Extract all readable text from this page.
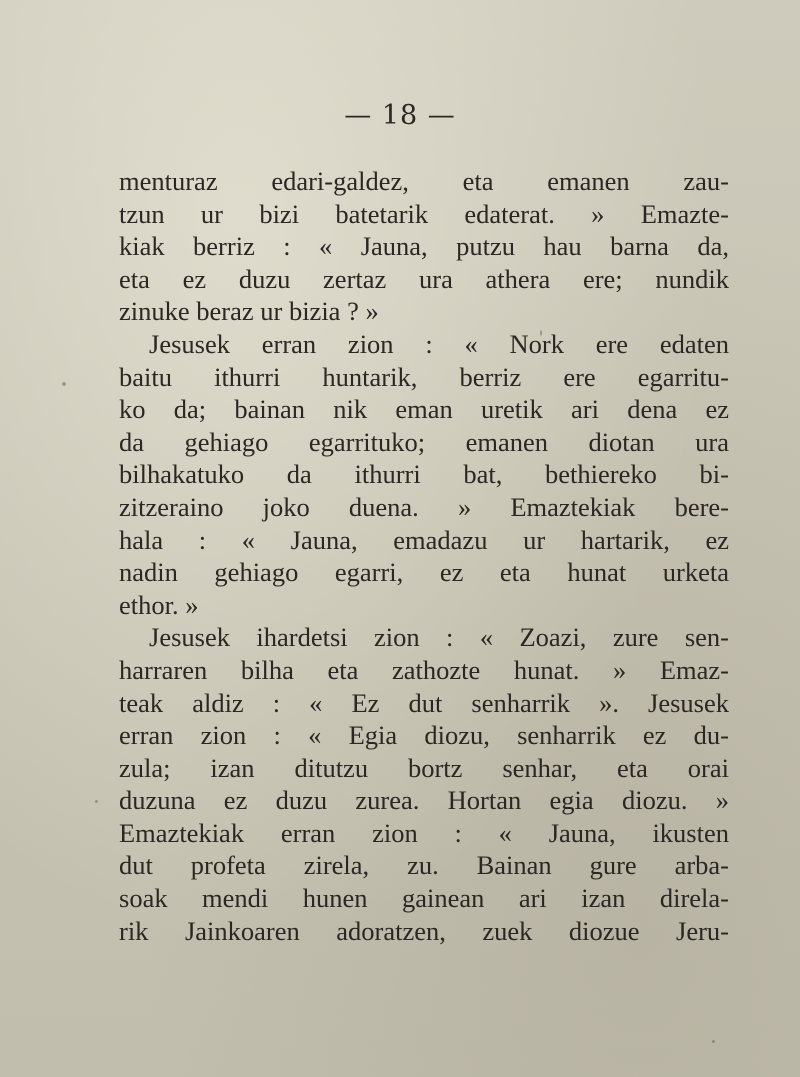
— 18 —
menturaz edari-galdez, eta emanen zau-
tzun ur bizi batetarik edaterat. » Emazte-
kiak berriz : « Jauna, putzu hau barna da,
eta ez duzu zertaz ura athera ere; nundik
zinuke beraz ur bizia ? »
Jesusek erran zion : « Nork ere edaten
baitu ithurri huntarik, berriz ere egarritu-
ko da; bainan nik eman uretik ari dena ez
da gehiago egarrituko; emanen diotan ura
bilhakatuko da ithurri bat, bethiereko bi-
zitzeraino joko duena. » Emaztekiak bere-
hala : « Jauna, emadazu ur hartarik, ez
nadin gehiago egarri, ez eta hunat urketa
ethor. »
Jesusek ihardetsi zion : « Zoazi, zure sen-
harraren bilha eta zathozte hunat. » Emaz-
teak aldiz : « Ez dut senharrik ». Jesusek
erran zion : « Egia diozu, senharrik ez du-
zula; izan ditutzu bortz senhar, eta orai
duzuna ez duzu zurea. Hortan egia diozu. »
Emaztekiak erran zion : « Jauna, ikusten
dut profeta zirela, zu. Bainan gure arba-
soak mendi hunen gainean ari izan direla-
rik Jainkoaren adoratzen, zuek diozue Jeru-
